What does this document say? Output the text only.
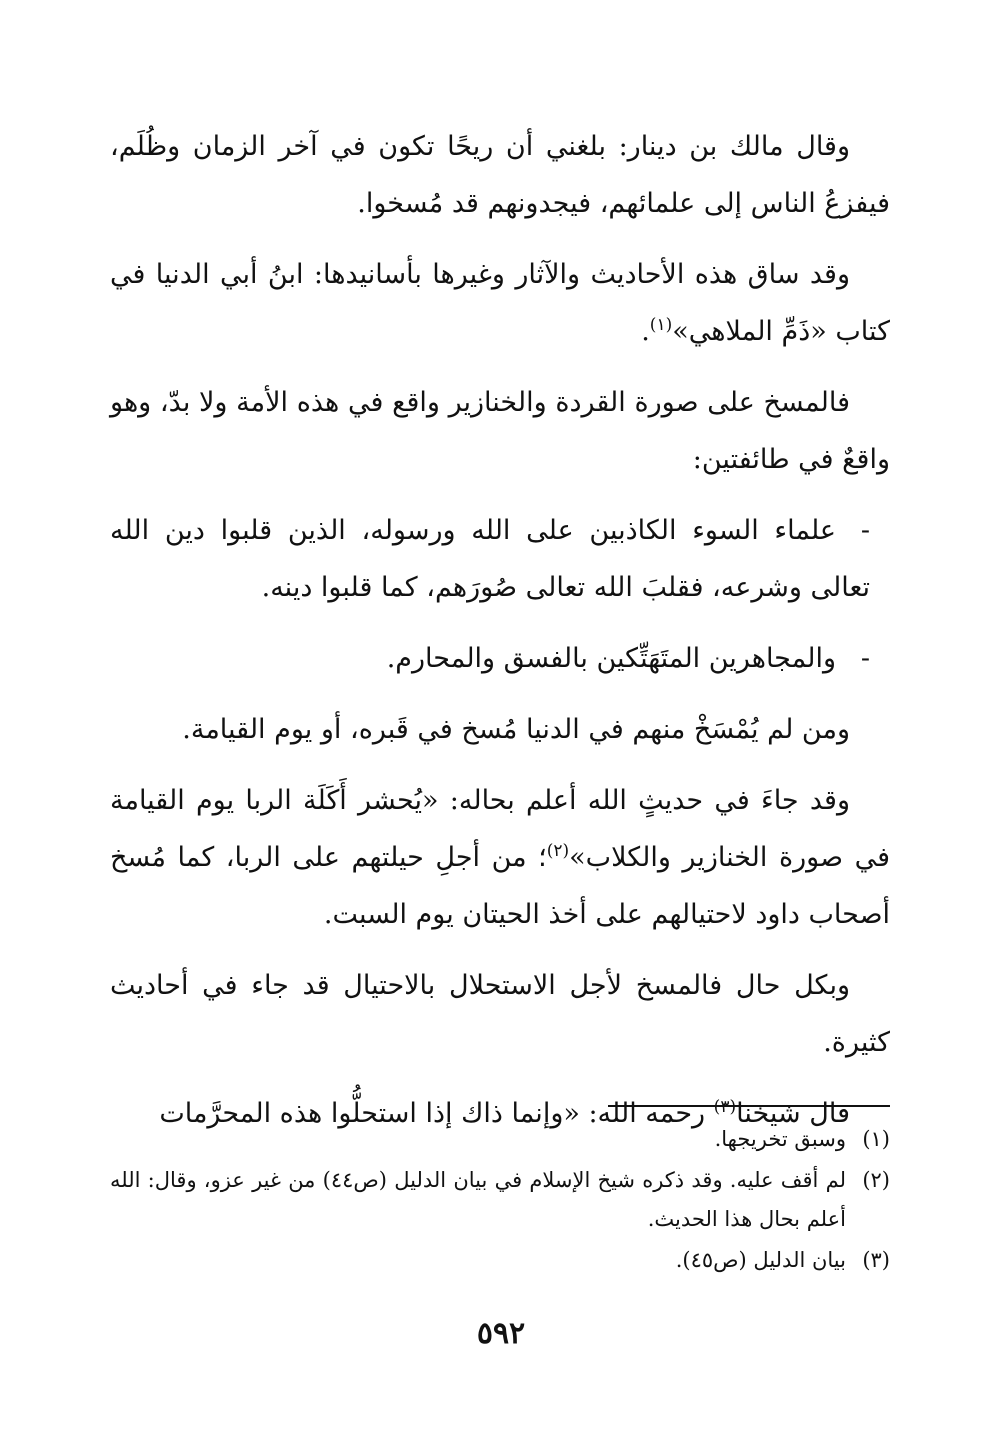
وقال مالك بن دينار: بلغني أن ريحًا تكون في آخر الزمان وظُلَم، فيفزعُ الناس إلى علمائهم، فيجدونهم قد مُسخوا.

وقد ساق هذه الأحاديث والآثار وغيرها بأسانيدها: ابنُ أبي الدنيا في كتاب «ذَمِّ الملاهي»$^{(١)}$.

فالمسخ على صورة القردة والخنازير واقع في هذه الأمة ولا بدّ، وهو واقعٌ في طائفتين:

-علماء السوء الكاذبين على الله ورسوله، الذين قلبوا دين الله تعالى وشرعه، فقلبَ الله تعالى صُورَهم، كما قلبوا دينه.

-والمجاهرين المتَهَتِّكين بالفسق والمحارم.

ومن لم يُمْسَخْ منهم في الدنيا مُسخ في قَبره، أو يوم القيامة.

وقد جاءَ في حديثٍ الله أعلم بحاله: «يُحشر أَكَلَة الربا يوم القيامة في صورة الخنازير والكلاب»$^{(٢)}$؛ من أجلِ حيلتهم على الربا، كما مُسخ أصحاب داود لاحتيالهم على أخذ الحيتان يوم السبت.

وبكل حال فالمسخ لأجل الاستحلال بالاحتيال قد جاء في أحاديث كثيرة.

قال شيخنا$^{(٣)}$ رحمه الله: «وإنما ذاك إذا استحلُّوا هذه المحرَّمات

(١)
وسبق تخريجها.
(٢)
لم أقف عليه. وقد ذكره شيخ الإسلام في بيان الدليل (ص٤٤) من غير عزو، وقال: الله أعلم بحال هذا الحديث.
(٣)
بيان الدليل (ص٤٥).
٥٩٢
